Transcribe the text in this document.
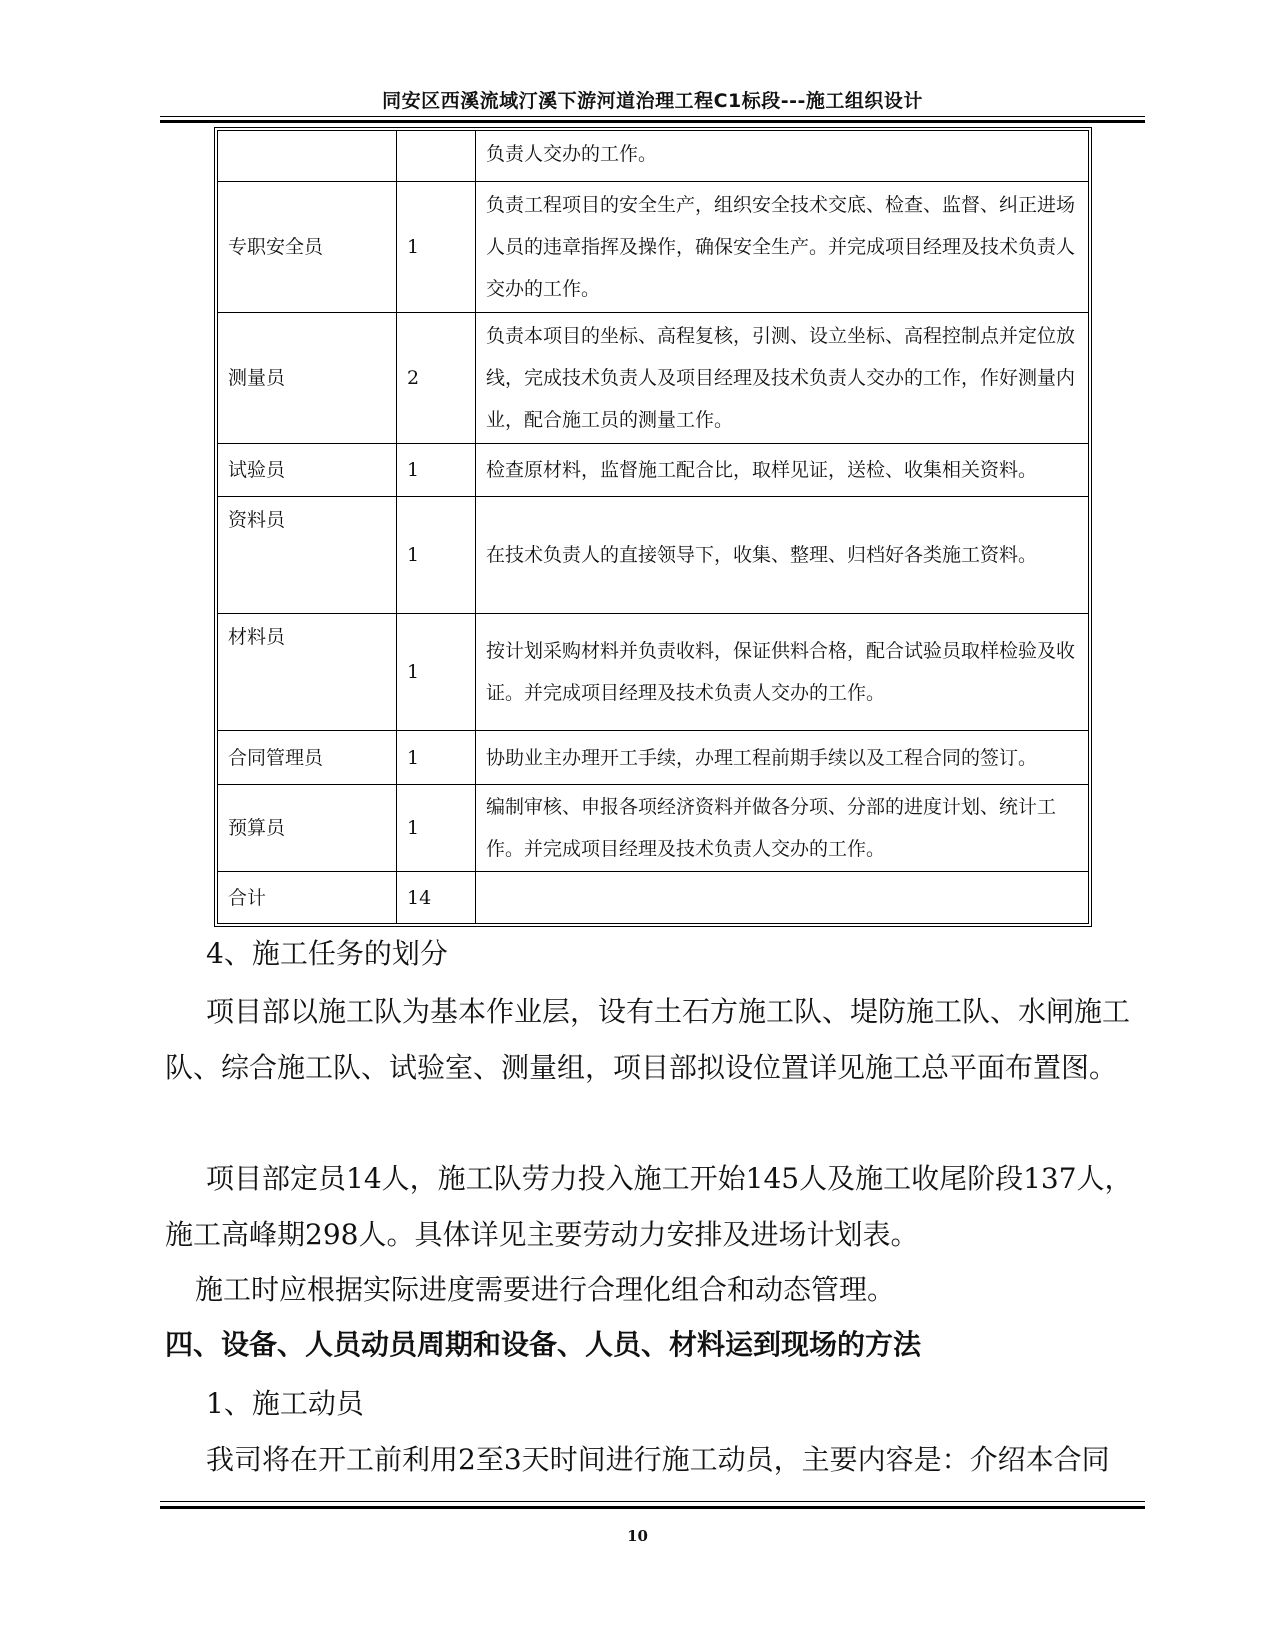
同安区西溪流域汀溪下游河道治理工程C1标段---施工组织设计
		负责人交办的工作。
专职安全员	1	负责工程项目的安全生产，组织安全技术交底、检查、监督、纠正进场人员的违章指挥及操作，确保安全生产。并完成项目经理及技术负责人交办的工作。
测量员	2	负责本项目的坐标、高程复核，引测、设立坐标、高程控制点并定位放线，完成技术负责人及项目经理及技术负责人交办的工作，作好测量内业，配合施工员的测量工作。
试验员	1	检查原材料，监督施工配合比，取样见证，送检、收集相关资料。
资料员	1	在技术负责人的直接领导下，收集、整理、归档好各类施工资料。
材料员	1	按计划采购材料并负责收料，保证供料合格，配合试验员取样检验及收证。并完成项目经理及技术负责人交办的工作。
合同管理员	1	协助业主办理开工手续，办理工程前期手续以及工程合同的签订。
预算员	1	编制审核、申报各项经济资料并做各分项、分部的进度计划、统计工作。并完成项目经理及技术负责人交办的工作。
合计	14	

4、施工任务的划分

项目部以施工队为基本作业层，设有土石方施工队、堤防施工队、水闸施工队、综合施工队、试验室、测量组，项目部拟设位置详见施工总平面布置图。

项目部定员14人，施工队劳力投入施工开始145人及施工收尾阶段137人，施工高峰期298人。具体详见主要劳动力安排及进场计划表。

施工时应根据实际进度需要进行合理化组合和动态管理。

四、设备、人员动员周期和设备、人员、材料运到现场的方法

1、施工动员

我司将在开工前利用2至3天时间进行施工动员，主要内容是：介绍本合同

10
